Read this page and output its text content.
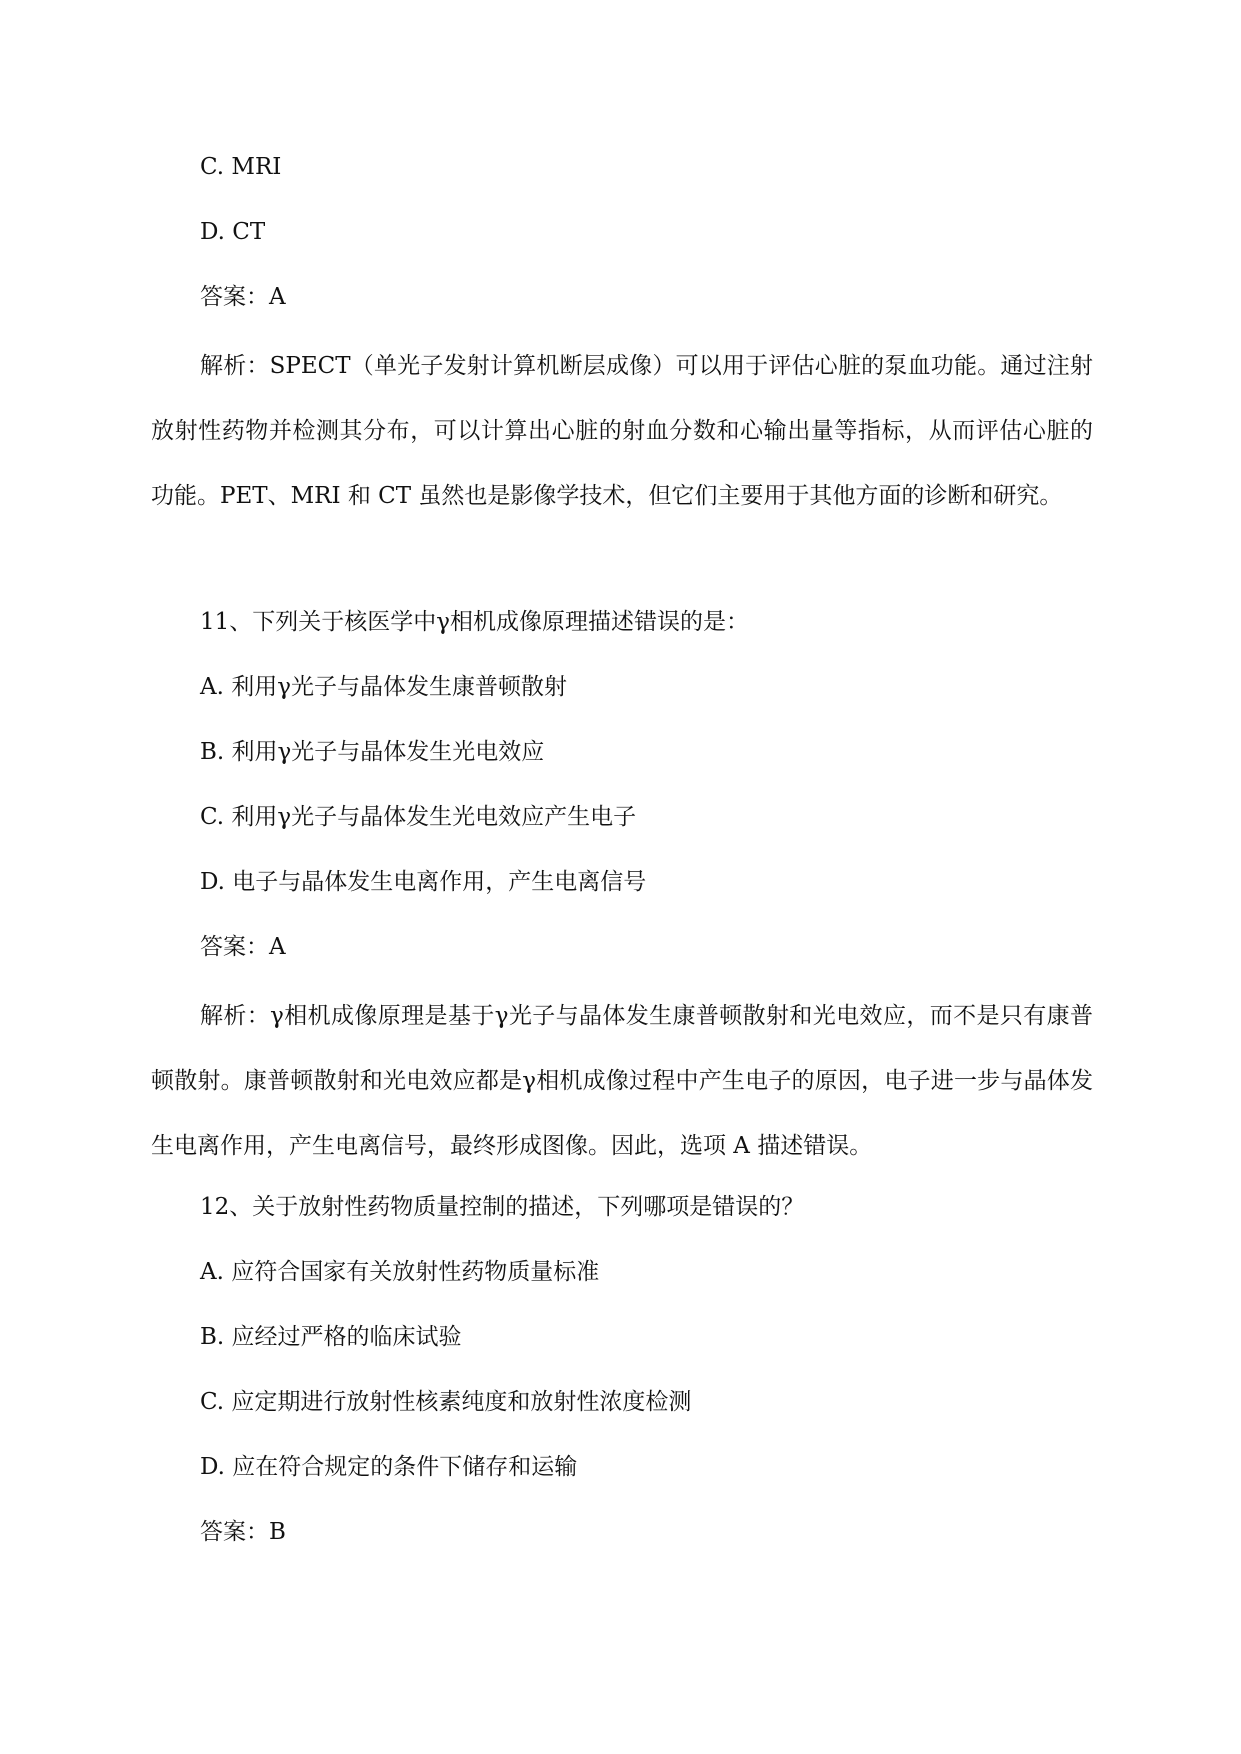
C. MRI
D. CT
答案：A
解析：SPECT（单光子发射计算机断层成像）可以用于评估心脏的泵血功能。通过注射放射性药物并检测其分布，可以计算出心脏的射血分数和心输出量等指标，从而评估心脏的功能。PET、MRI 和 CT 虽然也是影像学技术，但它们主要用于其他方面的诊断和研究。
11、下列关于核医学中γ相机成像原理描述错误的是：
A. 利用γ光子与晶体发生康普顿散射
B. 利用γ光子与晶体发生光电效应
C. 利用γ光子与晶体发生光电效应产生电子
D. 电子与晶体发生电离作用，产生电离信号
答案：A
解析：γ相机成像原理是基于γ光子与晶体发生康普顿散射和光电效应，而不是只有康普顿散射。康普顿散射和光电效应都是γ相机成像过程中产生电子的原因，电子进一步与晶体发生电离作用，产生电离信号，最终形成图像。因此，选项 A 描述错误。
12、关于放射性药物质量控制的描述，下列哪项是错误的？
A. 应符合国家有关放射性药物质量标准
B. 应经过严格的临床试验
C. 应定期进行放射性核素纯度和放射性浓度检测
D. 应在符合规定的条件下储存和运输
答案：B
